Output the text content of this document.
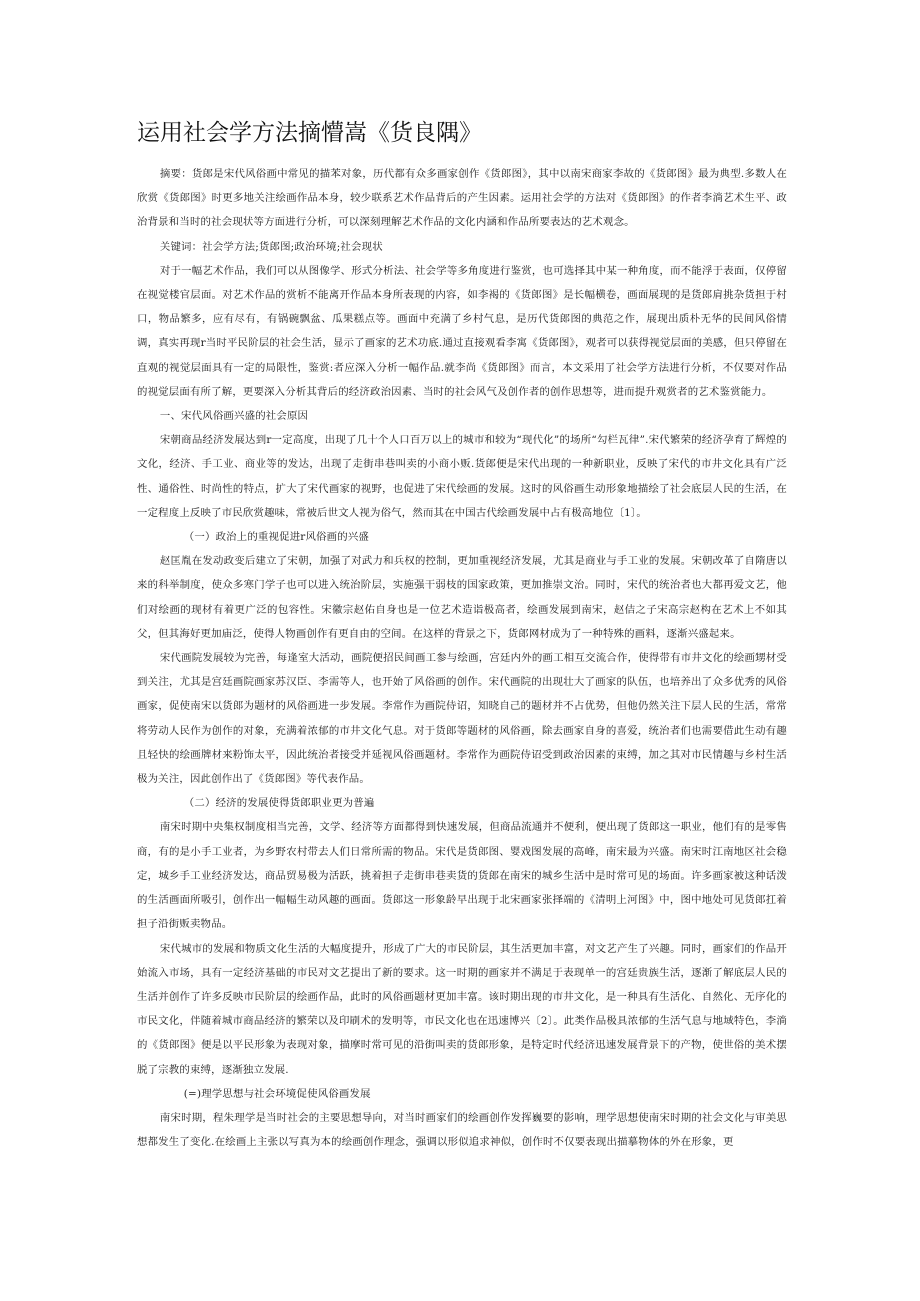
运用社会学方法摘懵嵩《货良隅》

摘要：货郎是宋代风俗画中常见的描苯对象，历代都有众多画家创作《货郎图》，其中以南宋商家李故的《货郎图》最为典型.多数人在欣赏《货郎图》时更多地关注绘画作品本身，较少联系艺术作品背后的产生因素。运用社会学的方法对《货郎图》的作者李淌艺术生平、政治背景和当时的社会现状等方面进行分析，可以深刻理解艺术作品的文化内涵和作品所要表达的艺术观念。

关键词：社会学方法;货郎图;政治环境;社会现状

对于一幅艺术作品，我们可以从图像学、形式分析法、社会学等多角度进行鉴赏，也可选择其中某一种角度，而不能浮于表面，仅停留在视觉楼官层面。对艺术作品的赏析不能离开作品本身所表现的内容，如李褐的《货郎图》是长幅横卷，画面展现的是货郎肩挑杂货担于村口，物品繁多，应有尽有，有锅碗飘盆、瓜果糕点等。画面中充满了乡村气息，是历代货郎图的典范之作，展现出质朴无华的民间风俗情调，真实再现r当时平民阶层的社会生活，显示了画家的艺术功底.通过直接观看李寓《货郎图》，观者可以获得视觉层面的美感，但只停留在直观的视觉层面具有一定的局限性，鉴赏:者应深入分析一幅作品.就李尚《货郎图》而言，本文采用了社会学方法进行分析，不仅要对作品的视觉层面有所了解，更要深入分析其背后的经济政治因素、当时的社会风气及创作者的创作思想等，进而提升观赏者的艺术鉴赏能力。

一、宋代风俗画兴盛的社会原因

宋朝商品经济发展达到r一定高度，出现了几十个人口百万以上的城市和较为“现代化”的场所“勾栏瓦律”.宋代繁荣的经济孕育了辉煌的文化，经济、手工业、商业等的发达，出现了走街串巷叫卖的小商小贩.货郎便是宋代出现的一种新职业，反映了宋代的市井文化具有广泛性、通俗性、时尚性的特点，扩大了宋代画家的视野，也促进了宋代绘画的发展。这时的风俗画生动形象地描绘了社会底层人民的生活，在一定程度上反映了市民欣赏趣味，常被后世文人视为俗气，然而其在中国古代绘画发展中占有极高地位〔1〕。

（一）政治上的重视促进r风俗画的兴盛

赵匡胤在发动政变后建立了宋朝，加强了对武力和兵权的控制，更加重视经济发展，尤其是商业与手工业的发展。宋朝改革了自隋唐以来的科举制度，使众多寒门学子也可以进入统治阶层，实施强干弱枝的国家政策，更加推崇文治。同时，宋代的统治者也大都再爱文艺，他们对绘画的现材有着更广泛的包容性。宋徽宗赵佑自身也是一位艺术造诣极高者，绘画发展到南宋，赵佶之子宋高宗赵构在艺术上不如其父，但其海好更加庙泛，使得人物画创作有更自由的空间。在这样的背景之下，货郎网材成为了一种特殊的画料，逐渐兴盛起来。

宋代画院发展较为完善，每逢室大活动，画院便招民间画工参与绘画，宫廷内外的画工相互交流合作，使得带有市井文化的绘画甥材受到关注，尤其是宫廷画院画家苏汉臣、李需等人，也开始了风俗画的创作。宋代画院的出现壮大了画家的队伍，也培养出了众多优秀的风俗画家，促使南宋以货郎为题材的风俗画进一步发展。李常作为画院侍诏，知晓自己的题材并不占优势，但他仍然关注下层人民的生活，常常将劳动人民作为创作的对象，充满着浓郁的市井文化气息。对于货郎等题材的风俗画，除去画家自身的喜爱，统治者们也需要借此生动有趣且轻快的绘画牌材来粉饰太平，因此统治者接受并延视风俗画题材。李常作为画院侍诏受到政治因素的束缚，加之其对市民情趣与乡村生活极为关注，因此创作出了《货郎图》等代表作品。

（二）经济的发展使得货郎职业更为普遍

南宋时期中央集权制度相当完善，文学、经济等方面都得到快速发展，但商品流通并不便利，便出现了货郎这一职业，他们有的是零售商，有的是小手工业者，为乡野农村带去人们日常所需的物品。宋代是货郎图、婴戏图发展的高峰，南宋最为兴盛。南宋时江南地区社会稳定，城乡手工业经济发达，商品贸易极为活跃，挑着担子走街串巷卖货的货郎在南宋的城乡生活中是时常可见的场面。许多画家被这种话泼的生活画面所吸引，创作出一幅幅生动风趣的画面。货郎这一形象龄早出现于北宋画家张择端的《清明上河图》中，图中地处可见货郎扛着担子沿街贩卖物品。

宋代城市的发展和物质文化生活的大幅度提升，形成了广大的市民阶层，其生活更加丰富，对文艺产生了兴趣。同时，画家们的作品开始流入市场，具有一定经济基础的市民对文艺提出了新的要求。这一时期的画家并不满足于表现单一的宫廷贵族生活，逐渐了解底层人民的生活并创作了许多反映市民阶层的绘画作品，此时的风俗画题材更加丰富。该时期出现的市井文化，是一种具有生活化、自然化、无序化的市民文化，伴随着城市商品经济的繁荣以及印刷术的发明等，市民文化也在迅速博兴〔2〕。此类作品极具浓郁的生活气息与地域特色，李淌的《货郎图》便是以平民形象为表现对象，描摩时常可见的沿街叫卖的货郎形象，是特定时代经济迅速发展背景下的产物，使世俗的美术摆脱了宗教的束缚，逐渐独立发展.

(=)理学思想与社会环境促使风俗画发展

南宋时期，程朱理学是当时社会的主要思想导向，对当时画家们的绘画创作发挥巍要的影响，理学思想使南宋时期的社会文化与审美思想都发生了变化.在绘画上主张以写真为本的绘画创作理念，强调以形似追求神似，创作时不仅要表现出描摹物体的外在形象，更
